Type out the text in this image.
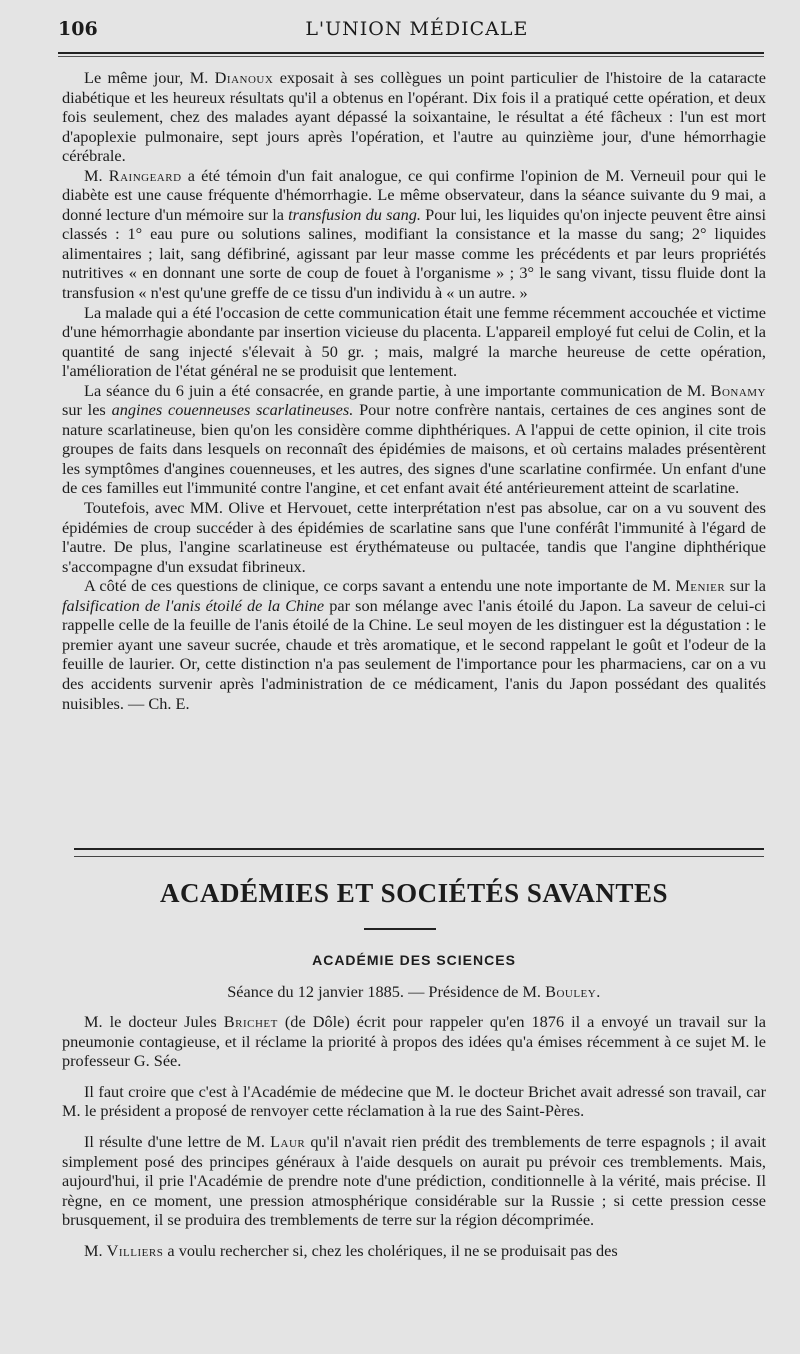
106	L'UNION MÉDICALE

Le même jour, M. Dianoux exposait à ses collègues un point particulier de l'histoire de la cataracte diabétique et les heureux résultats qu'il a obtenus en l'opérant. Dix fois il a pratiqué cette opération, et deux fois seulement, chez des malades ayant dépassé la soixantaine, le résultat a été fâcheux : l'un est mort d'apoplexie pulmonaire, sept jours après l'opération, et l'autre au quinzième jour, d'une hémorrhagie cérébrale.

M. Raingeard a été témoin d'un fait analogue, ce qui confirme l'opinion de M. Verneuil pour qui le diabète est une cause fréquente d'hémorrhagie. Le même observateur, dans la séance suivante du 9 mai, a donné lecture d'un mémoire sur la transfusion du sang. Pour lui, les liquides qu'on injecte peuvent être ainsi classés : 1° eau pure ou solutions salines, modifiant la consistance et la masse du sang; 2° liquides alimentaires ; lait, sang défibriné, agissant par leur masse comme les précédents et par leurs propriétés nutritives « en donnant une sorte de coup de fouet à l'organisme » ; 3° le sang vivant, tissu fluide dont la transfusion « n'est qu'une greffe de ce tissu d'un individu à « un autre. »

La malade qui a été l'occasion de cette communication était une femme récemment accouchée et victime d'une hémorrhagie abondante par insertion vicieuse du placenta. L'appareil employé fut celui de Colin, et la quantité de sang injecté s'élevait à 50 gr. ; mais, malgré la marche heureuse de cette opération, l'amélioration de l'état général ne se produisit que lentement.

La séance du 6 juin a été consacrée, en grande partie, à une importante communication de M. Bonamy sur les angines couenneuses scarlatineuses. Pour notre confrère nantais, certaines de ces angines sont de nature scarlatineuse, bien qu'on les considère comme diphthériques. A l'appui de cette opinion, il cite trois groupes de faits dans lesquels on reconnaît des épidémies de maisons, et où certains malades présentèrent les symptômes d'angines couenneuses, et les autres, des signes d'une scarlatine confirmée. Un enfant d'une de ces familles eut l'immunité contre l'angine, et cet enfant avait été antérieurement atteint de scarlatine.

Toutefois, avec MM. Olive et Hervouet, cette interprétation n'est pas absolue, car on a vu souvent des épidémies de croup succéder à des épidémies de scarlatine sans que l'une conférât l'immunité à l'égard de l'autre. De plus, l'angine scarlatineuse est érythémateuse ou pultacée, tandis que l'angine diphthérique s'accompagne d'un exsudat fibrineux.

A côté de ces questions de clinique, ce corps savant a entendu une note importante de M. Menier sur la falsification de l'anis étoilé de la Chine par son mélange avec l'anis étoilé du Japon. La saveur de celui-ci rappelle celle de la feuille de l'anis étoilé de la Chine. Le seul moyen de les distinguer est la dégustation : le premier ayant une saveur sucrée, chaude et très aromatique, et le second rappelant le goût et l'odeur de la feuille de laurier. Or, cette distinction n'a pas seulement de l'importance pour les pharmaciens, car on a vu des accidents survenir après l'administration de ce médicament, l'anis du Japon possédant des qualités nuisibles. — Ch. E.

ACADÉMIES ET SOCIÉTÉS SAVANTES
ACADÉMIE DES SCIENCES
Séance du 12 janvier 1885. — Présidence de M. Bouley.

M. le docteur Jules Brichet (de Dôle) écrit pour rappeler qu'en 1876 il a envoyé un travail sur la pneumonie contagieuse, et il réclame la priorité à propos des idées qu'a émises récemment à ce sujet M. le professeur G. Sée.

Il faut croire que c'est à l'Académie de médecine que M. le docteur Brichet avait adressé son travail, car M. le président a proposé de renvoyer cette réclamation à la rue des Saint-Pères.

Il résulte d'une lettre de M. Laur qu'il n'avait rien prédit des tremblements de terre espagnols ; il avait simplement posé des principes généraux à l'aide desquels on aurait pu prévoir ces tremblements. Mais, aujourd'hui, il prie l'Académie de prendre note d'une prédiction, conditionnelle à la vérité, mais précise. Il règne, en ce moment, une pression atmosphérique considérable sur la Russie ; si cette pression cesse brusquement, il se produira des tremblements de terre sur la région décomprimée.

M. Villiers a voulu rechercher si, chez les cholériques, il ne se produisait pas des
